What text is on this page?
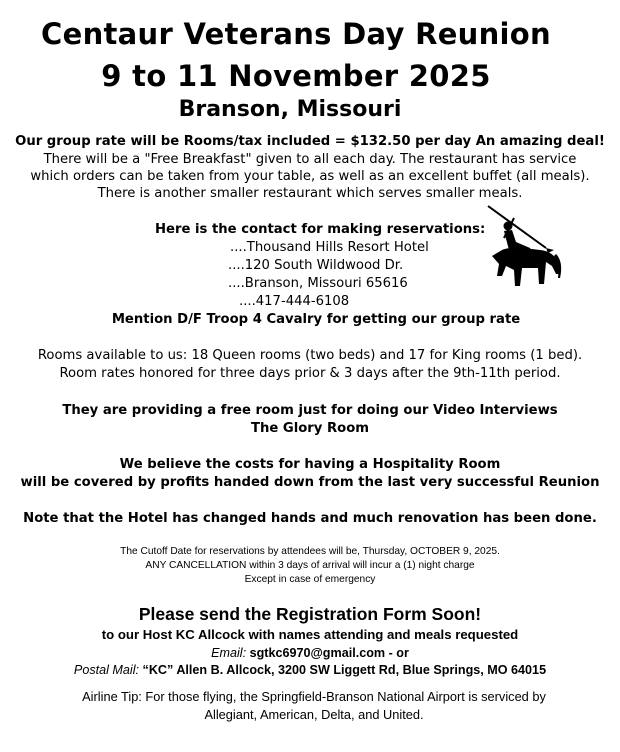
Centaur Veterans Day Reunion
9 to 11 November 2025
Branson, Missouri
Our group rate will be Rooms/tax included = $132.50 per day An amazing deal!
There will be a "Free Breakfast" given to all each day. The restaurant has service
which orders can be taken from your table, as well as an excellent buffet (all meals).
There is another smaller restaurant which serves smaller meals.
Here is the contact for making reservations:
....Thousand Hills Resort Hotel
....120 South Wildwood Dr.
....Branson, Missouri 65616
....417-444-6108
Mention D/F Troop 4 Cavalry for getting our group rate
Rooms available to us: 18 Queen rooms (two beds) and 17 for King rooms (1 bed).
Room rates honored for three days prior & 3 days after the 9th-11th period.
They are providing a free room just for doing our Video Interviews
The Glory Room
We believe the costs for having a Hospitality Room
will be covered by profits handed down from the last very successful Reunion
Note that the Hotel has changed hands and much renovation has been done.
The Cutoff Date for reservations by attendees will be, Thursday, OCTOBER 9, 2025.
ANY CANCELLATION within 3 days of arrival will incur a (1) night charge
Except in case of emergency
Please send the Registration Form Soon!
to our Host KC Allcock with names attending and meals requested
Email: sgtkc6970@gmail.com - or
Postal Mail: “KC” Allen B. Allcock, 3200 SW Liggett Rd, Blue Springs, MO 64015
Airline Tip: For those flying, the Springfield-Branson National Airport is serviced by
Allegiant, American, Delta, and United.
